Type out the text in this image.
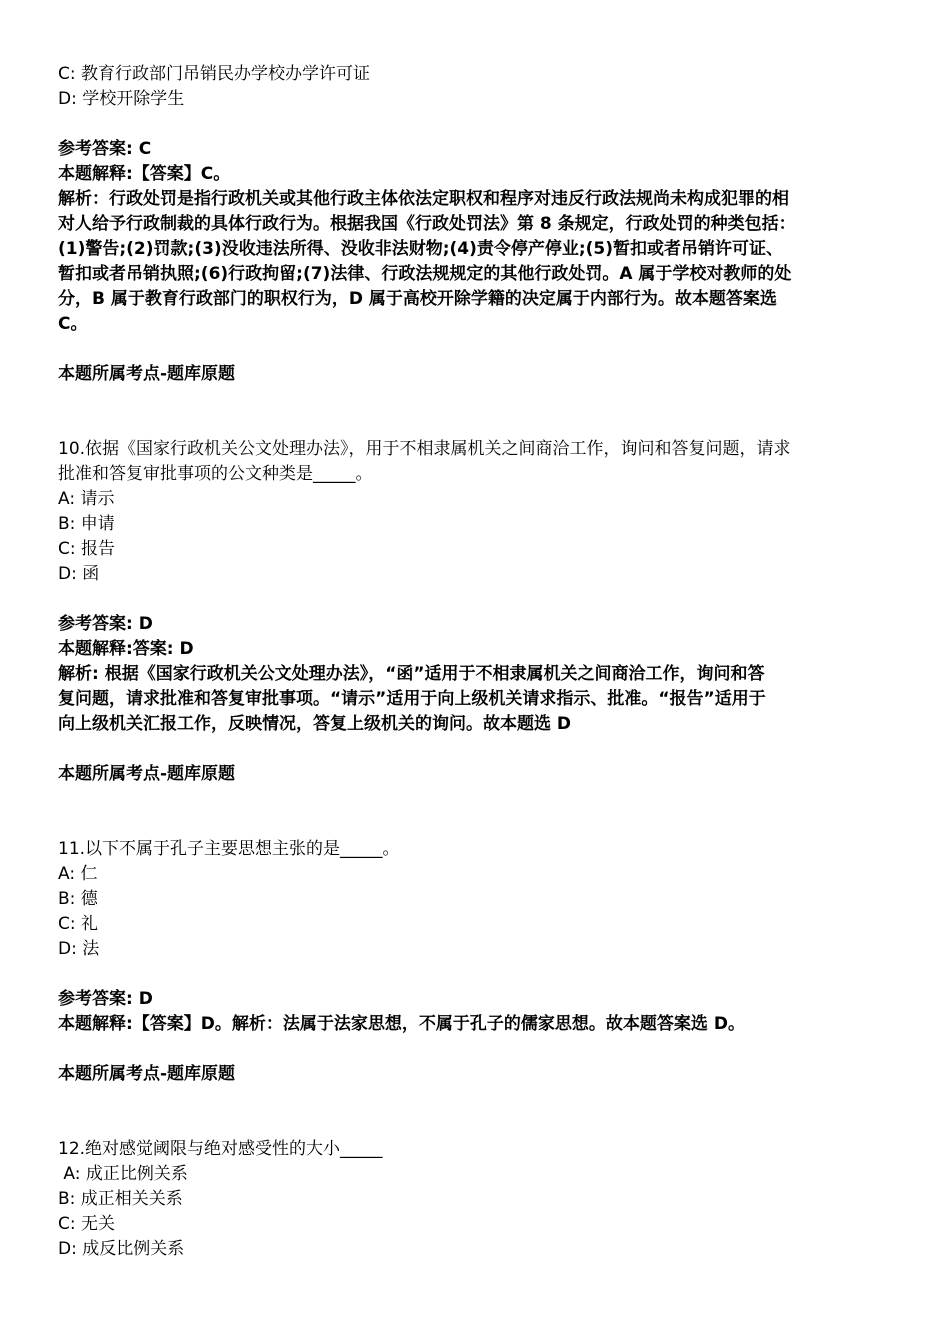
C: 教育行政部门吊销民办学校办学许可证

D: 学校开除学生

参考答案: C

本题解释:【答案】C。

解析：行政处罚是指行政机关或其他行政主体依法定职权和程序对违反行政法规尚未构成犯罪的相

对人给予行政制裁的具体行政行为。根据我国《行政处罚法》第 8 条规定，行政处罚的种类包括：

(1)警告;(2)罚款;(3)没收违法所得、没收非法财物;(4)责令停产停业;(5)暂扣或者吊销许可证、

暂扣或者吊销执照;(6)行政拘留;(7)法律、行政法规规定的其他行政处罚。A 属于学校对教师的处

分，B 属于教育行政部门的职权行为，D 属于高校开除学籍的决定属于内部行为。故本题答案选

C。

本题所属考点-题库原题

10.依据《国家行政机关公文处理办法》，用于不相隶属机关之间商洽工作，询问和答复问题，请求

批准和答复审批事项的公文种类是_____。

A: 请示

B: 申请

C: 报告

D: 函

参考答案: D

本题解释:答案: D

解析: 根据《国家行政机关公文处理办法》，“函”适用于不相隶属机关之间商洽工作，询问和答

复问题，请求批准和答复审批事项。“请示”适用于向上级机关请求指示、批准。“报告”适用于

向上级机关汇报工作，反映情况，答复上级机关的询问。故本题选 D

本题所属考点-题库原题

11.以下不属于孔子主要思想主张的是_____。

A: 仁

B: 德

C: 礼

D: 法

参考答案: D

本题解释:【答案】D。解析：法属于法家思想，不属于孔子的儒家思想。故本题答案选 D。

本题所属考点-题库原题

12.绝对感觉阈限与绝对感受性的大小_____

A: 成正比例关系

B: 成正相关关系

C: 无关

D: 成反比例关系
